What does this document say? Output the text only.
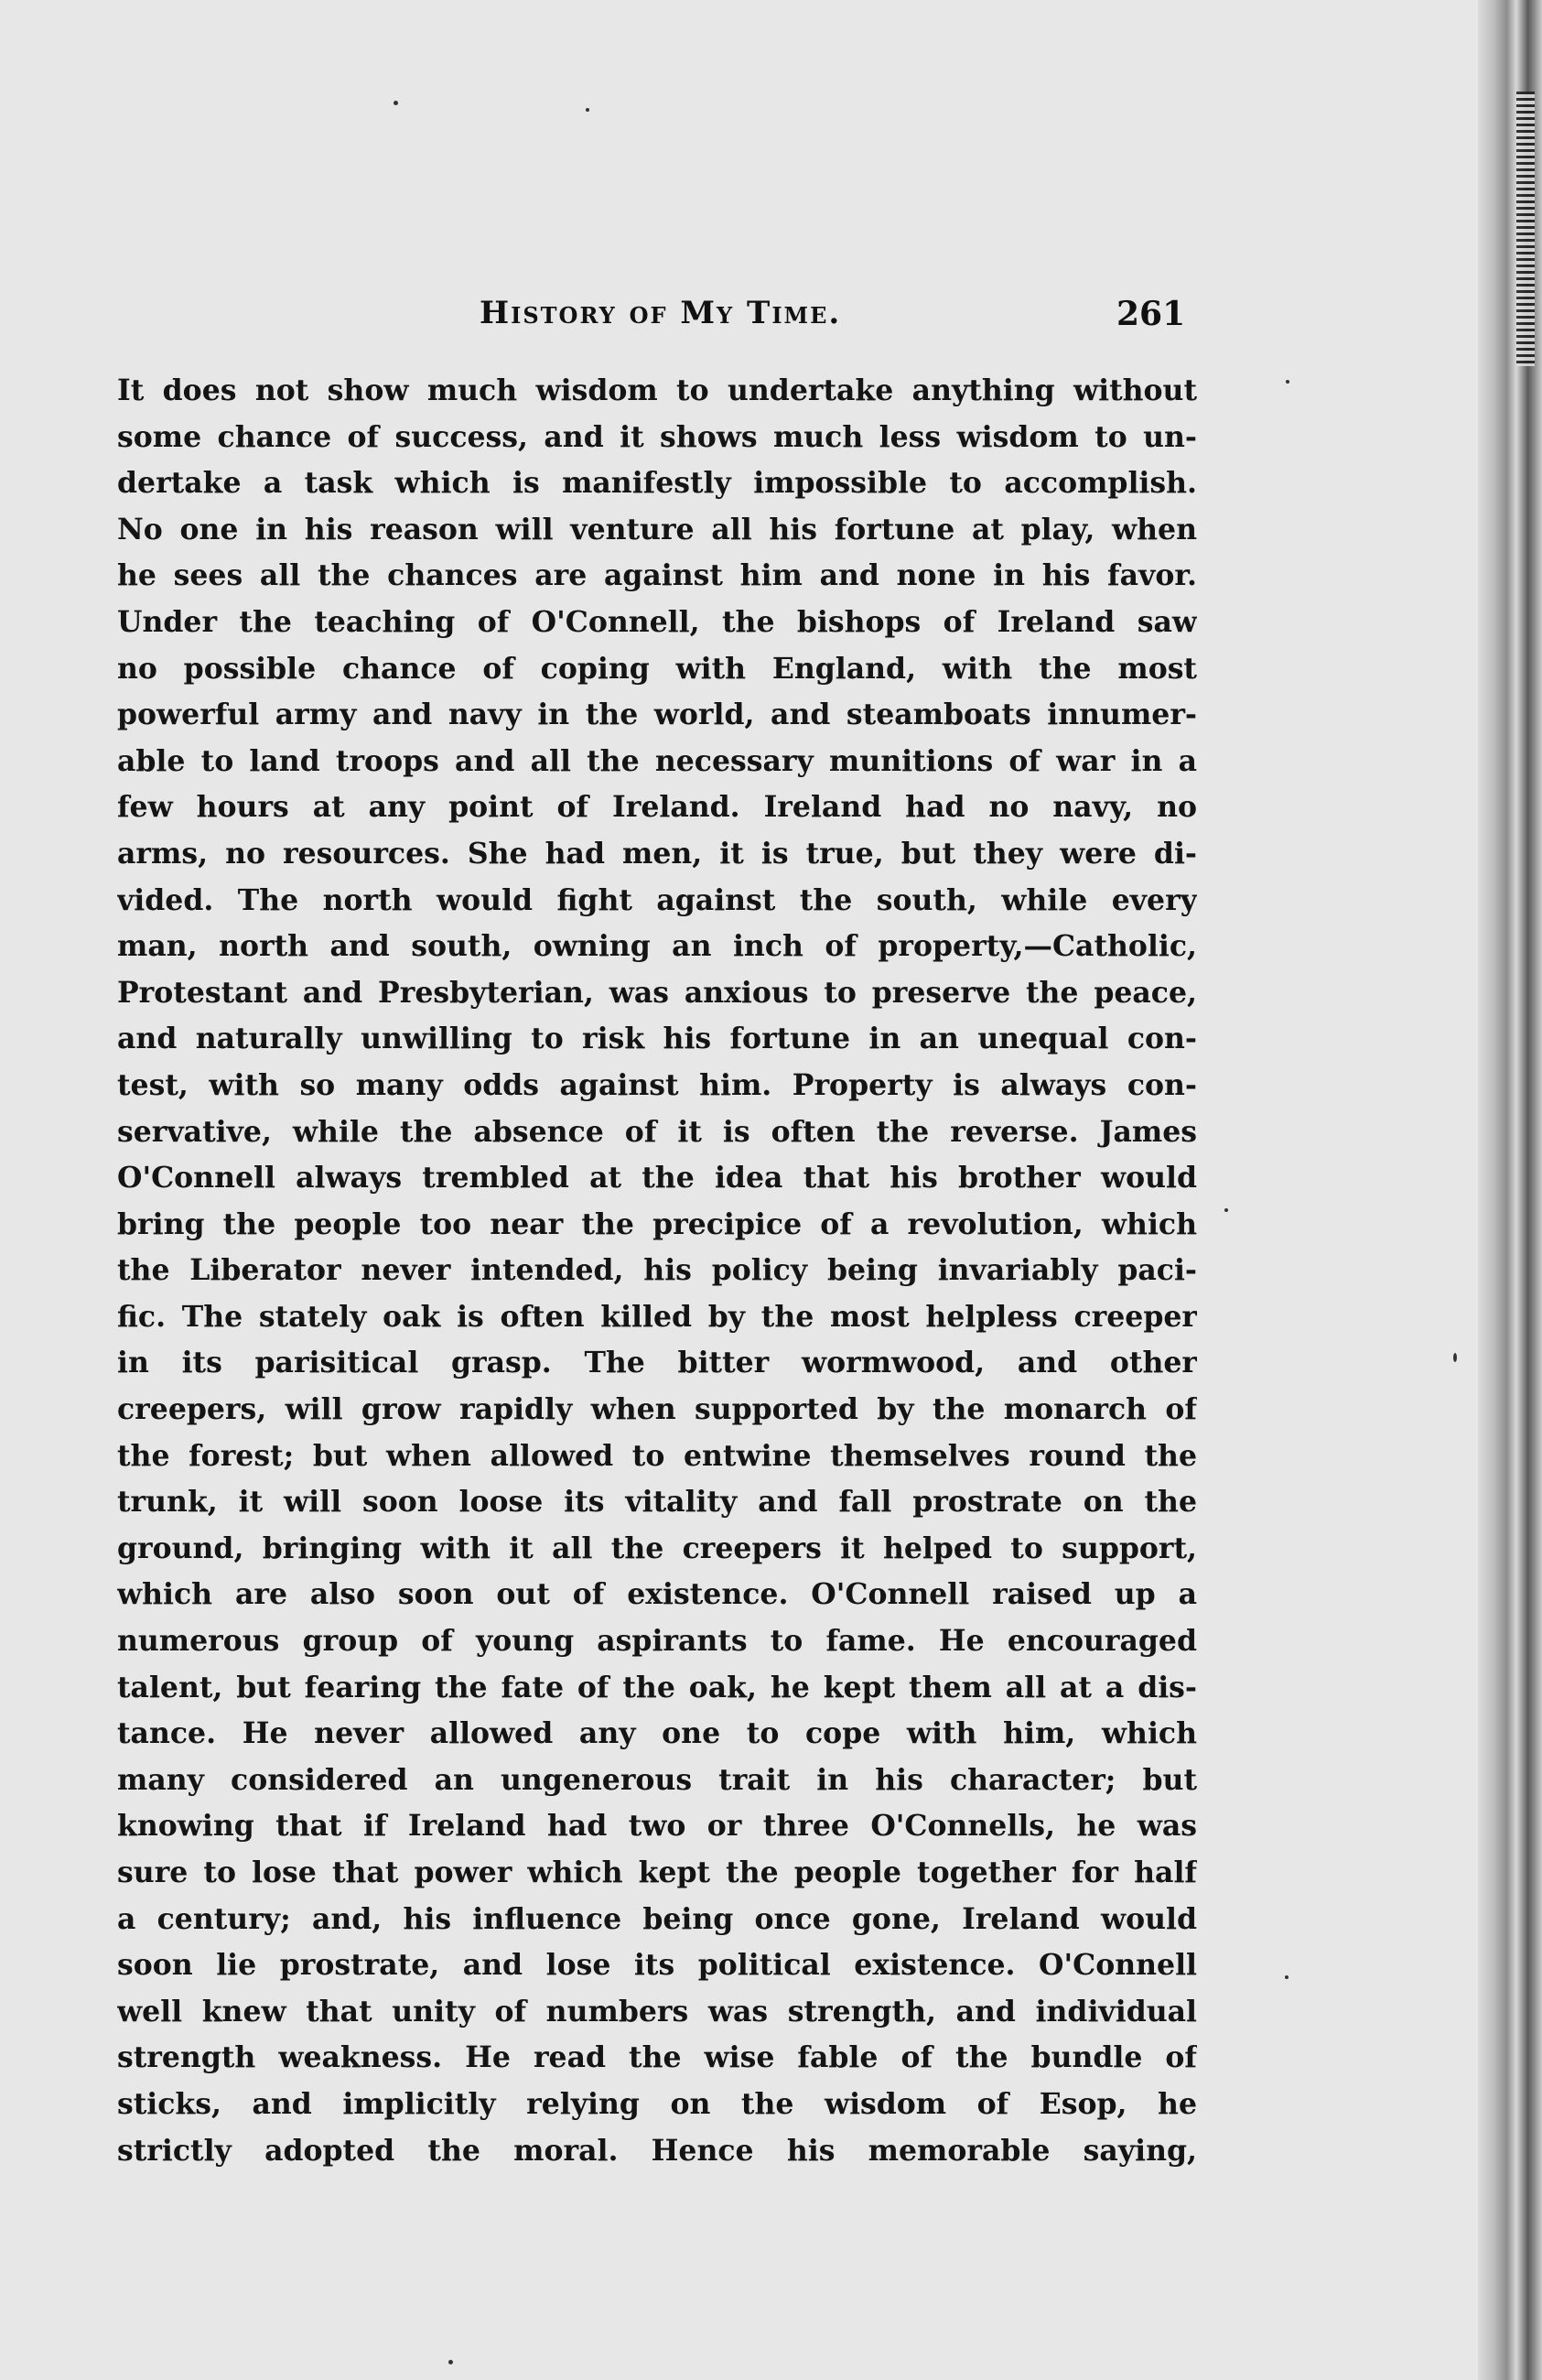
History of My Time.	261
It does not show much wisdom to undertake anything without
some chance of success, and it shows much less wisdom to un-
dertake a task which is manifestly impossible to accomplish.
No one in his reason will venture all his fortune at play, when
he sees all the chances are against him and none in his favor.
Under the teaching of O'Connell, the bishops of Ireland saw
no possible chance of coping with England, with the most
powerful army and navy in the world, and steamboats innumer-
able to land troops and all the necessary munitions of war in a
few hours at any point of Ireland. Ireland had no navy, no
arms, no resources. She had men, it is true, but they were di-
vided. The north would fight against the south, while every
man, north and south, owning an inch of property,—Catholic,
Protestant and Presbyterian, was anxious to preserve the peace,
and naturally unwilling to risk his fortune in an unequal con-
test, with so many odds against him. Property is always con-
servative, while the absence of it is often the reverse. James
O'Connell always trembled at the idea that his brother would
bring the people too near the precipice of a revolution, which
the Liberator never intended, his policy being invariably paci-
fic. The stately oak is often killed by the most helpless creeper
in its parisitical grasp. The bitter wormwood, and other
creepers, will grow rapidly when supported by the monarch of
the forest; but when allowed to entwine themselves round the
trunk, it will soon loose its vitality and fall prostrate on the
ground, bringing with it all the creepers it helped to support,
which are also soon out of existence. O'Connell raised up a
numerous group of young aspirants to fame. He encouraged
talent, but fearing the fate of the oak, he kept them all at a dis-
tance. He never allowed any one to cope with him, which
many considered an ungenerous trait in his character; but
knowing that if Ireland had two or three O'Connells, he was
sure to lose that power which kept the people together for half
a century; and, his influence being once gone, Ireland would
soon lie prostrate, and lose its political existence. O'Connell
well knew that unity of numbers was strength, and individual
strength weakness. He read the wise fable of the bundle of
sticks, and implicitly relying on the wisdom of Esop, he
strictly adopted the moral. Hence his memorable saying,
